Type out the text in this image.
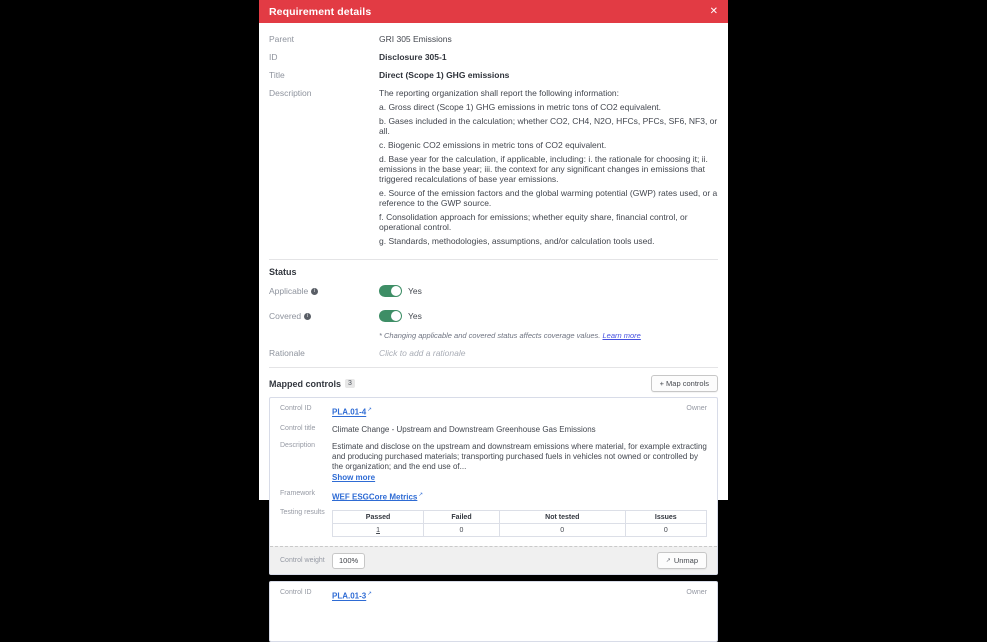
Requirement details	✕
Parent	GRI 305 Emissions
ID	Disclosure 305-1
Title	Direct (Scope 1) GHG emissions
Description	The reporting organization shall report the following information:

a. Gross direct (Scope 1) GHG emissions in metric tons of CO2 equivalent.

b. Gases included in the calculation; whether CO2, CH4, N2O, HFCs, PFCs, SF6, NF3, or all.

c. Biogenic CO2 emissions in metric tons of CO2 equivalent.

d. Base year for the calculation, if applicable, including: i. the rationale for choosing it; ii. emissions in the base year; iii. the context for any significant changes in emissions that triggered recalculations of base year emissions.

e. Source of the emission factors and the global warming potential (GWP) rates used, or a reference to the GWP source.

f. Consolidation approach for emissions; whether equity share, financial control, or operational control.

g. Standards, methodologies, assumptions, and/or calculation tools used.

Status
Applicable	i	Yes
Covered	i	Yes
* Changing applicable and covered status affects coverage values. Learn more
Rationale	Click to add a rationale
Mapped controls	3	+ Map controls
Control ID	PLA.01-4↗	Owner
Control title	Climate Change - Upstream and Downstream Greenhouse Gas Emissions
Description	Estimate and disclose on the upstream and downstream emissions where material, for example extracting and producing purchased materials; transporting purchased fuels in vehicles not owned or controlled by the organization; and the end use of...
Show more
Framework	WEF ESGCore Metrics↗
Testing results
Passed	Failed	Not tested	Issues
1	0	0	0
Control weight	100%	↗ Unmap
Control ID	PLA.01-3↗	Owner
